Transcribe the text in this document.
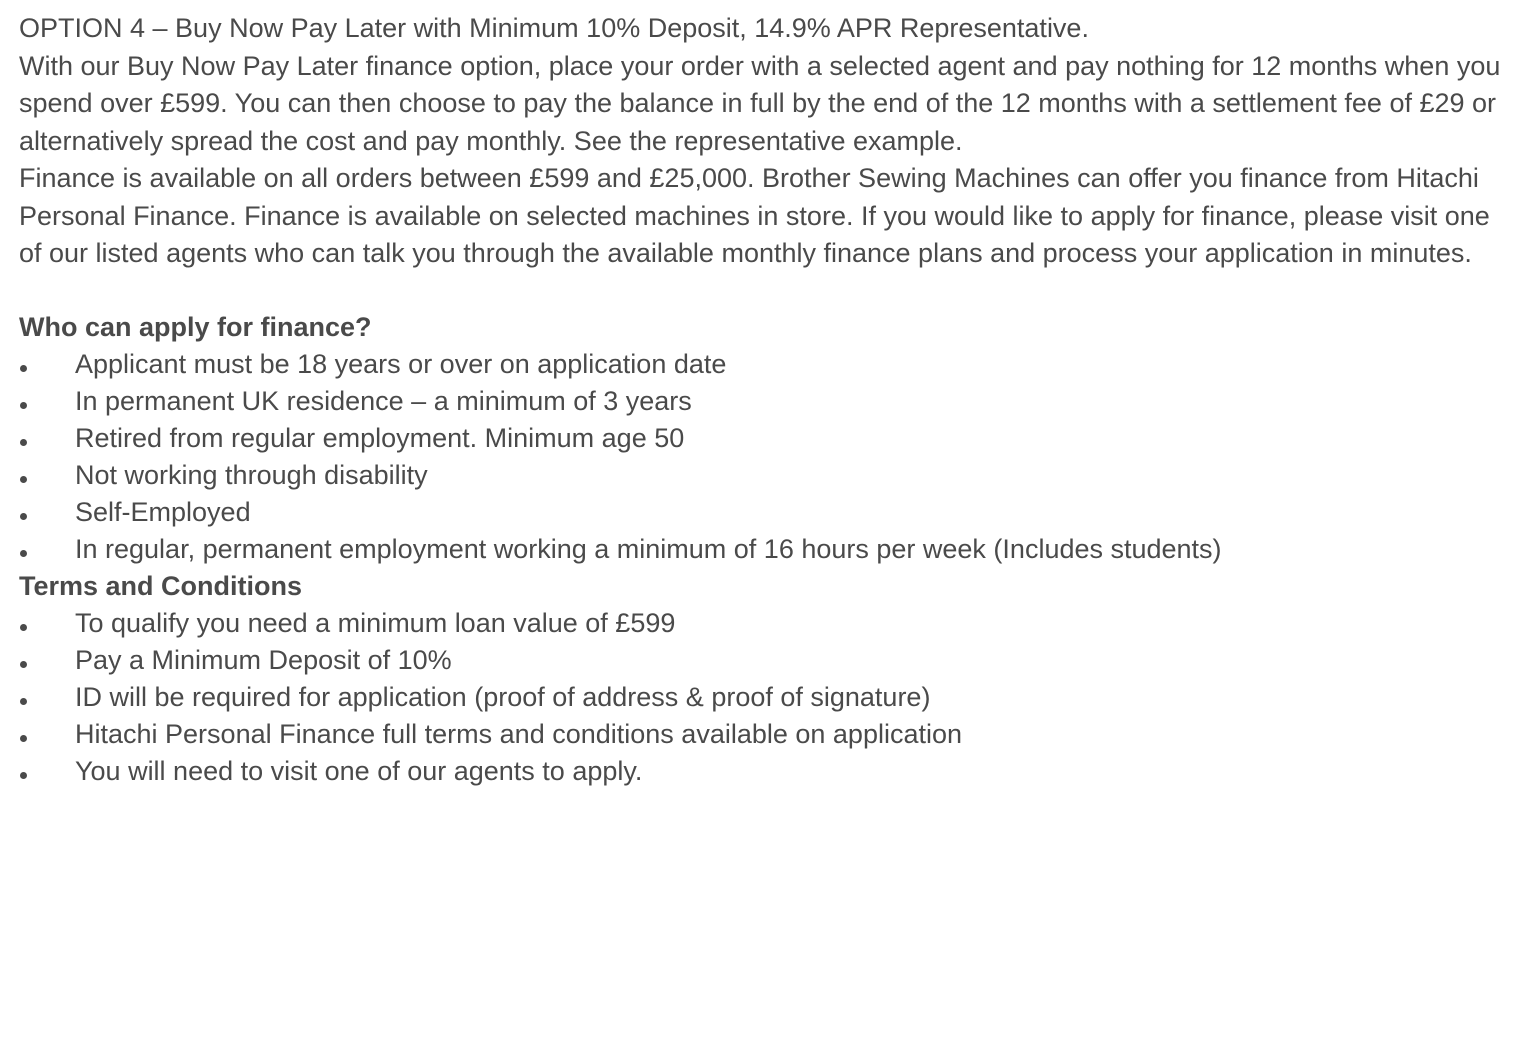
OPTION 4 – Buy Now Pay Later with Minimum 10% Deposit, 14.9% APR Representative.

With our Buy Now Pay Later finance option, place your order with a selected agent and pay nothing for 12 months when you spend over £599. You can then choose to pay the balance in full by the end of the 12 months with a settlement fee of £29 or alternatively spread the cost and pay monthly. See the representative example.

Finance is available on all orders between £599 and £25,000. Brother Sewing Machines can offer you finance from Hitachi Personal Finance. Finance is available on selected machines in store. If you would like to apply for finance, please visit one of our listed agents who can talk you through the available monthly finance plans and process your application in minutes.

Who can apply for finance?
Applicant must be 18 years or over on application date
In permanent UK residence – a minimum of 3 years
Retired from regular employment. Minimum age 50
Not working through disability
Self-Employed
In regular, permanent employment working a minimum of 16 hours per week (Includes students)
Terms and Conditions
To qualify you need a minimum loan value of £599
Pay a Minimum Deposit of 10%
ID will be required for application (proof of address & proof of signature)
Hitachi Personal Finance full terms and conditions available on application
You will need to visit one of our agents to apply.
